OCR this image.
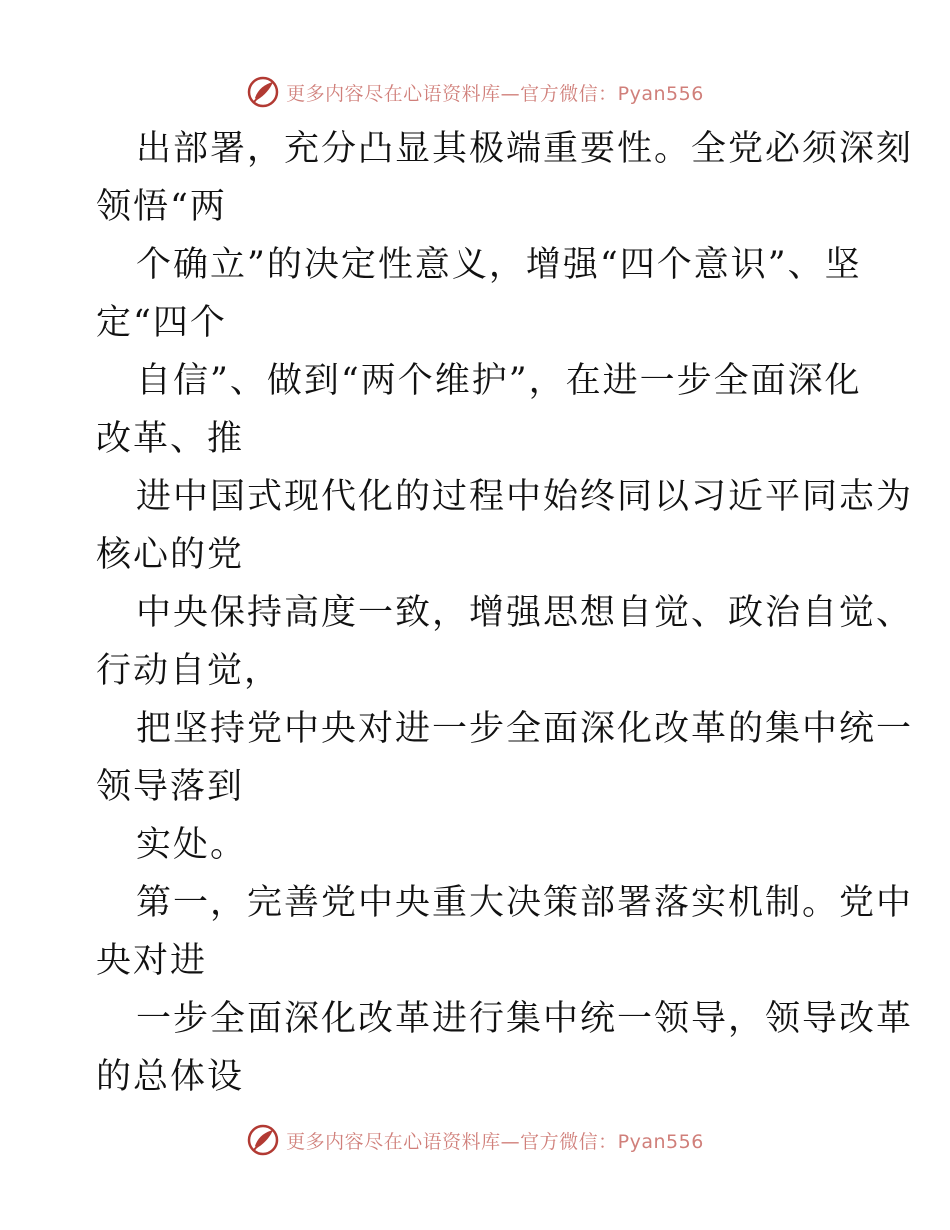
更多内容尽在心语资料库—官方微信：Pyan556
出部署，充分凸显其极端重要性。全党必须深刻
领悟“两
个确立”的决定性意义，增强“四个意识”、坚
定“四个
自信”、做到“两个维护”，在进一步全面深化
改革、推
进中国式现代化的过程中始终同以习近平同志为
核心的党
中央保持高度一致，增强思想自觉、政治自觉、
行动自觉，
把坚持党中央对进一步全面深化改革的集中统一
领导落到
实处。
第一，完善党中央重大决策部署落实机制。党中
央对进
一步全面深化改革进行集中统一领导，领导改革
的总体设
更多内容尽在心语资料库—官方微信：Pyan556
